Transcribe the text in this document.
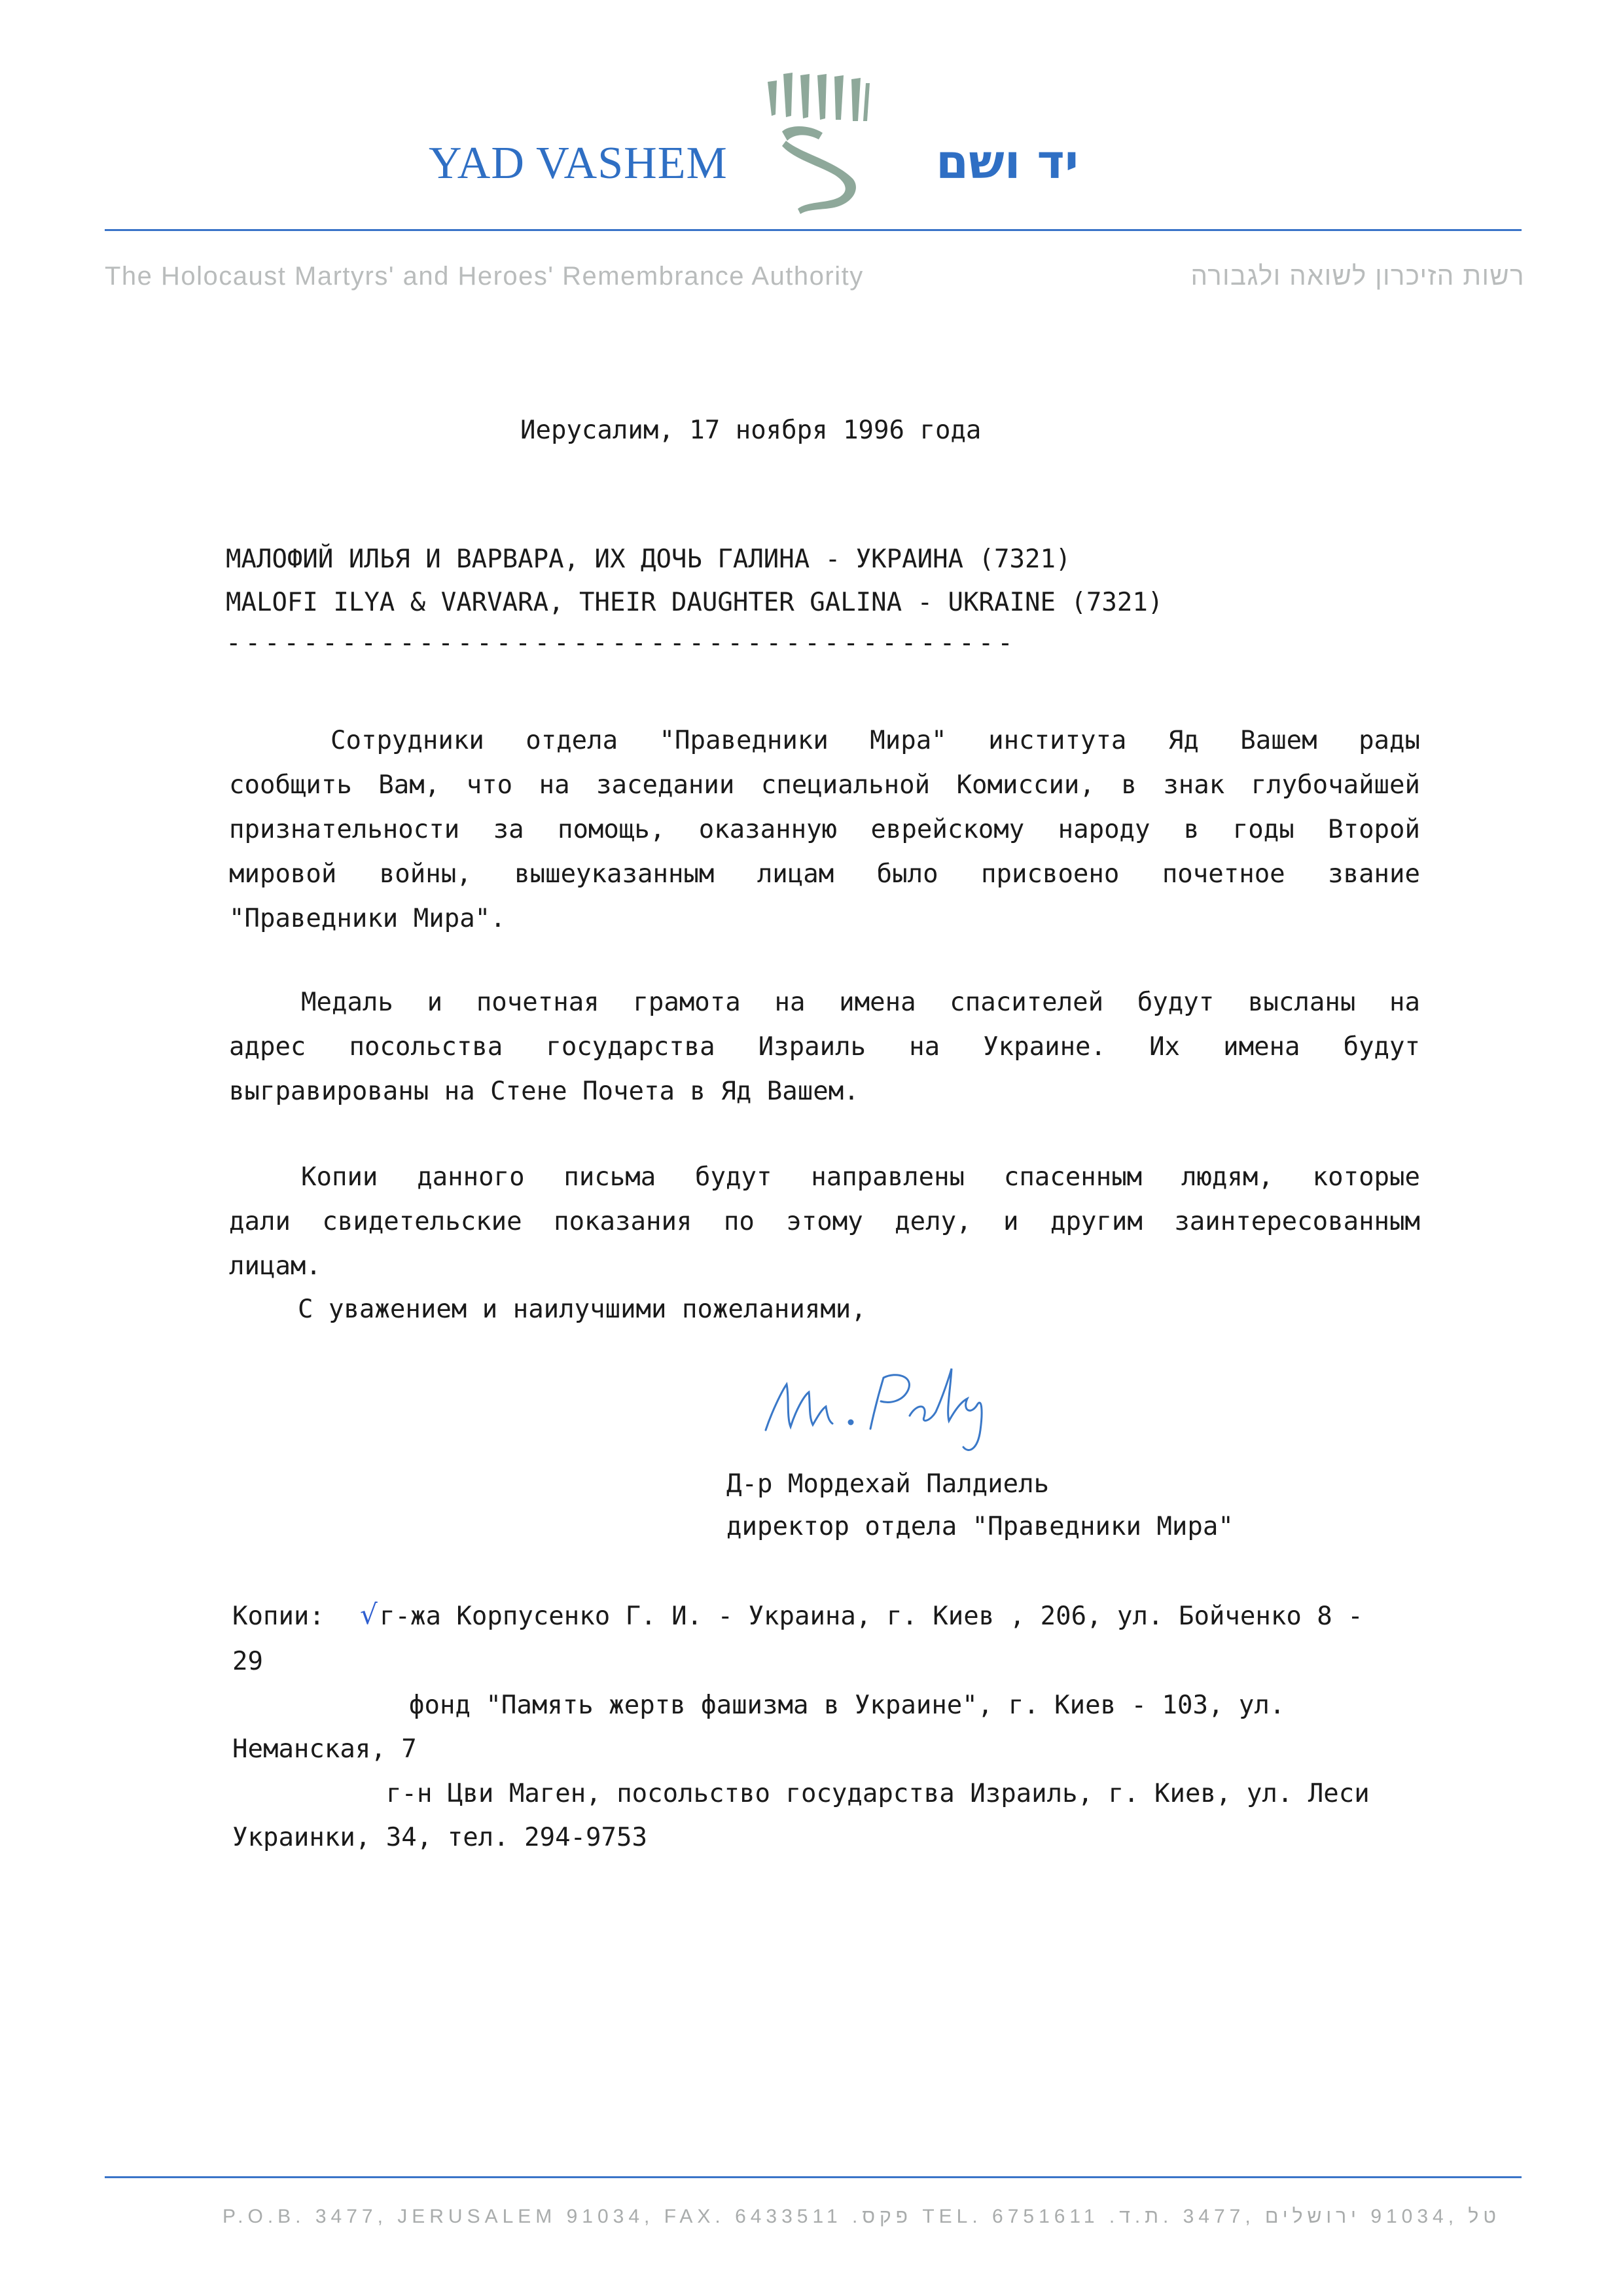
YAD VASHEM	יד ושם
The Holocaust Martyrs' and Heroes' Remembrance Authority	רשות הזיכרון לשואה ולגבורה
Иерусалим, 17 ноября 1996 года
МАЛОФИЙ ИЛЬЯ И ВАРВАРА, ИХ ДОЧЬ ГАЛИНА - УКРАИНА (7321)
MALOFI ILYA & VARVARA, THEIR DAUGHTER GALINA - UKRAINE (7321)
-----------------------------------------
Сотрудники отдела "Праведники Мира" института Яд Вашем рады
сообщить Вам, что на заседании специальной Комиссии, в знак глубочайшей
признательности за помощь, оказанную еврейскому народу в годы Второй
мировой войны, вышеуказанным лицам было присвоено почетное звание
"Праведники Мира".
Медаль и почетная грамота на имена спасителей будут высланы на
адрес посольства государства Израиль на Украине. Их имена будут
выгравированы на Стене Почета в Яд Вашем.
Копии данного письма будут направлены спасенным людям, которые
дали свидетельские показания по этому делу, и другим заинтересованным
лицам.
С уважением и наилучшими пожеланиями,
Д-р Мордехай Палдиель
директор отдела "Праведники Мира"
Копии: √ г-жа Корпусенко Г. И. - Украина, г. Киев , 206, ул. Бойченко 8 -
29
фонд "Память жертв фашизма в Украине", г. Киев - 103, ул.
Неманская, 7
г-н Цви Маген, посольство государства Израиль, г. Киев, ул. Леси
Украинки, 34, тел. 294-9753
P.O.B. 3477, JERUSALEM 91034, FAX. 6433511 .פקס TEL. 6751611 .טל ,91034 ירושלים ,3477 .ת.ד
